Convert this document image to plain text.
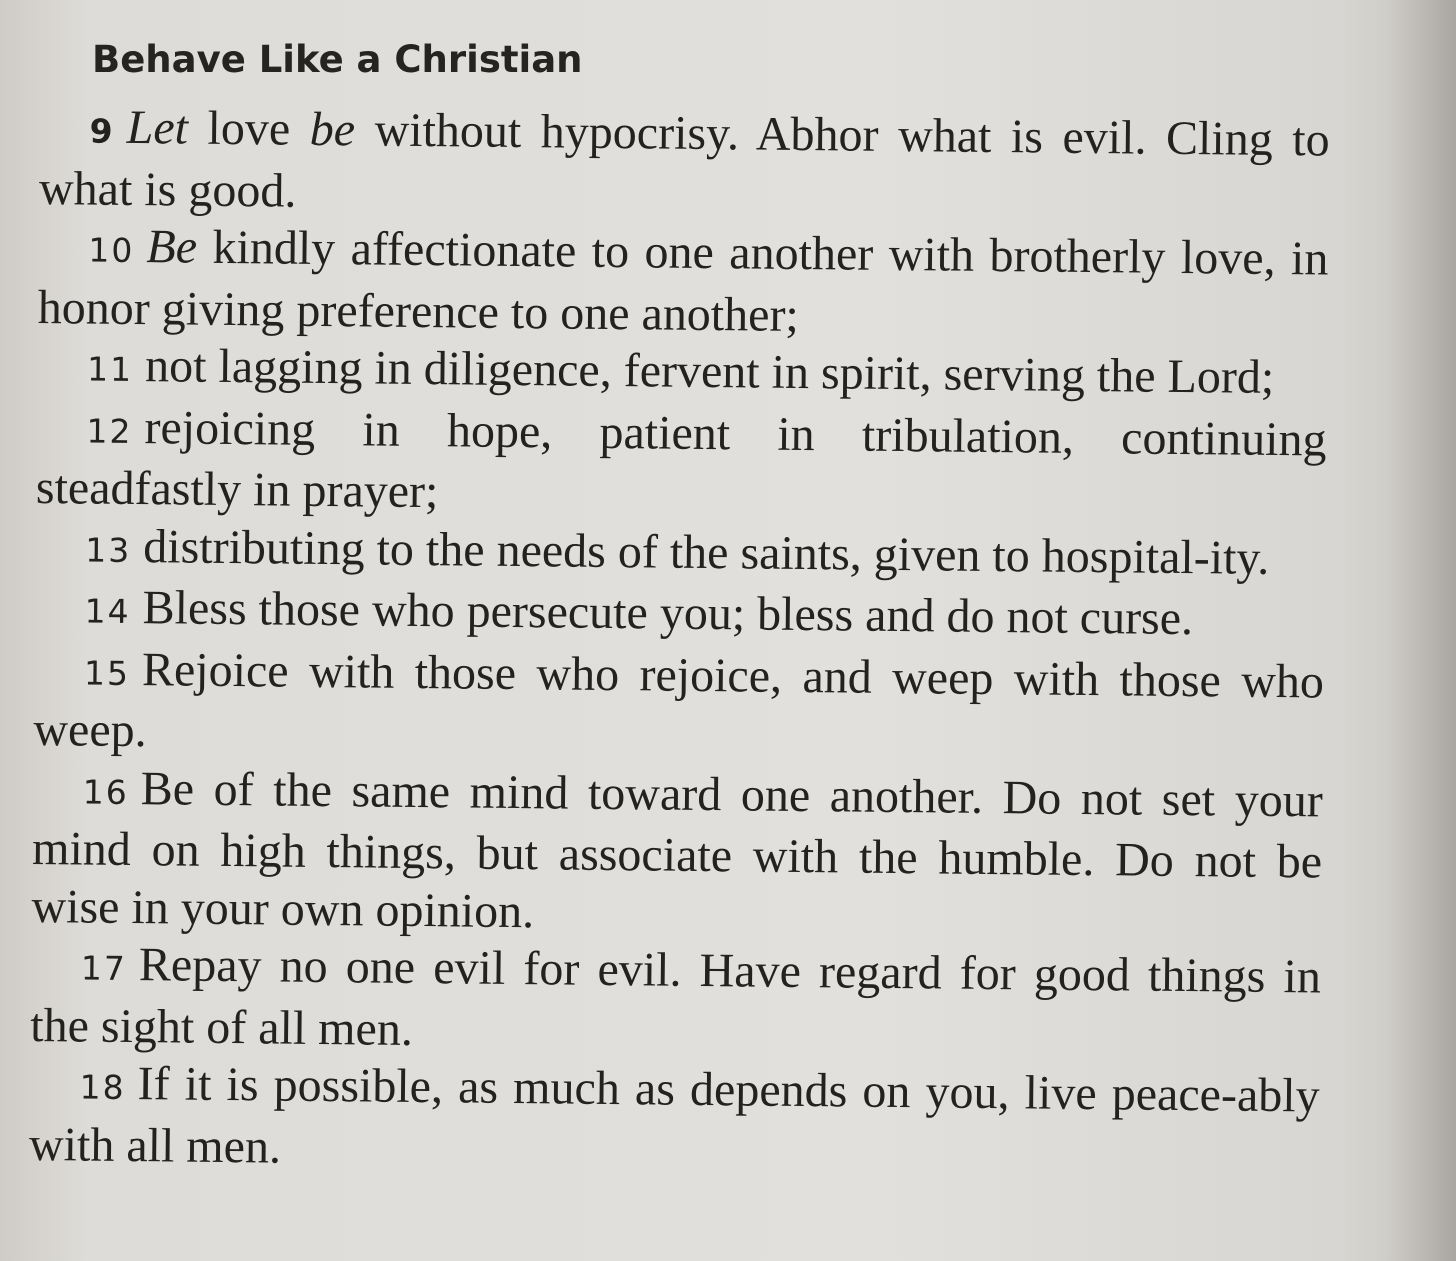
Behave Like a Christian

9 Let love be without hypocrisy. Abhor what is evil. Cling to what is good.

10 Be kindly affectionate to one another with brotherly love, in honor giving preference to one another;

11 not lagging in diligence, fervent in spirit, serving the Lord;

12 rejoicing in hope, patient in tribulation, continuing steadfastly in prayer;

13 distributing to the needs of the saints, given to hospital-ity.

14 Bless those who persecute you; bless and do not curse.

15 Rejoice with those who rejoice, and weep with those who weep.

16 Be of the same mind toward one another. Do not set your mind on high things, but associate with the humble. Do not be wise in your own opinion.

17 Repay no one evil for evil. Have regard for good things in the sight of all men.

18 If it is possible, as much as depends on you, live peace-ably with all men.
